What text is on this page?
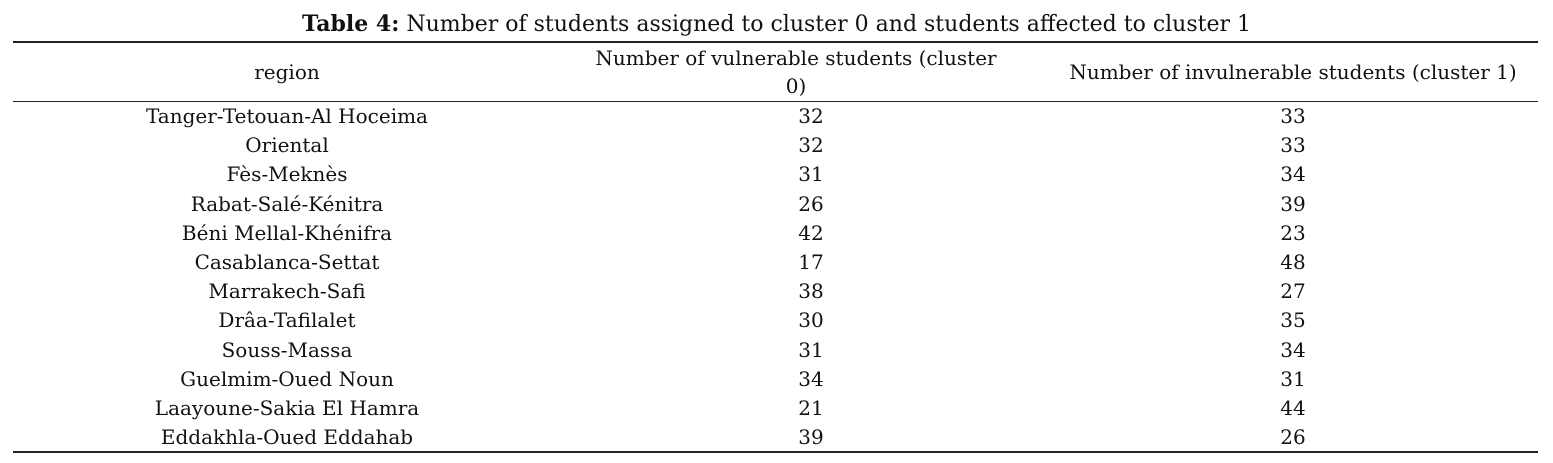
Table 4: Number of students assigned to cluster 0 and students affected to cluster 1
region
Number of vulnerable students (cluster 0)
Number of invulnerable students (cluster 1)
Tanger-Tetouan-Al Hoceima	32	33
Oriental	32	33
Fès-Meknès	31	34
Rabat-Salé-Kénitra	26	39
Béni Mellal-Khénifra	42	23
Casablanca-Settat	17	48
Marrakech-Safi	38	27
Drâa-Tafilalet	30	35
Souss-Massa	31	34
Guelmim-Oued Noun	34	31
Laayoune-Sakia El Hamra	21	44
Eddakhla-Oued Eddahab	39	26
